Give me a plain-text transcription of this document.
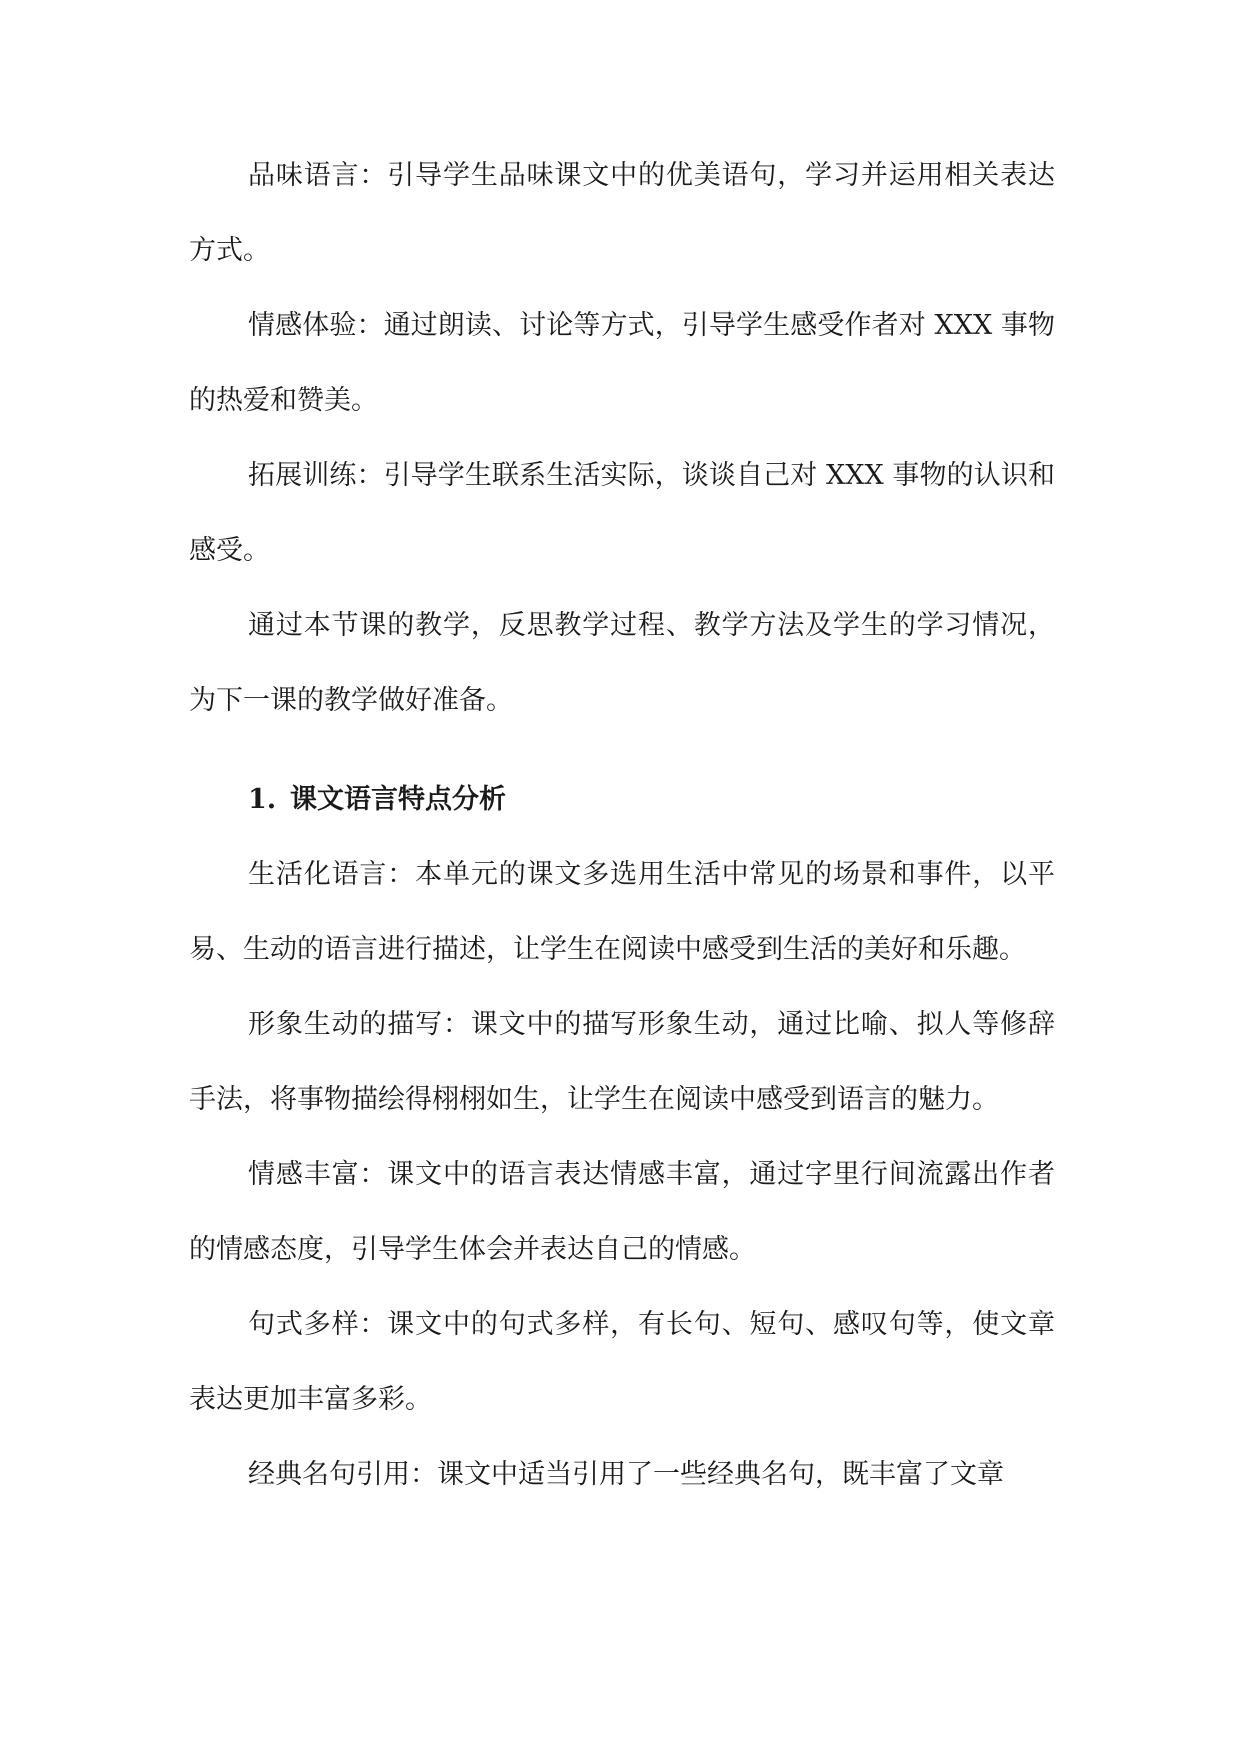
品味语言：引导学生品味课文中的优美语句，学习并运用相关表达方式。

情感体验：通过朗读、讨论等方式，引导学生感受作者对 XXX 事物的热爱和赞美。

拓展训练：引导学生联系生活实际，谈谈自己对 XXX 事物的认识和感受。

通过本节课的教学，反思教学过程、教学方法及学生的学习情况，为下一课的教学做好准备。

1. 课文语言特点分析

生活化语言：本单元的课文多选用生活中常见的场景和事件，以平易、生动的语言进行描述，让学生在阅读中感受到生活的美好和乐趣。

形象生动的描写：课文中的描写形象生动，通过比喻、拟人等修辞手法，将事物描绘得栩栩如生，让学生在阅读中感受到语言的魅力。

情感丰富：课文中的语言表达情感丰富，通过字里行间流露出作者的情感态度，引导学生体会并表达自己的情感。

句式多样：课文中的句式多样，有长句、短句、感叹句等，使文章表达更加丰富多彩。

经典名句引用：课文中适当引用了一些经典名句，既丰富了文章
